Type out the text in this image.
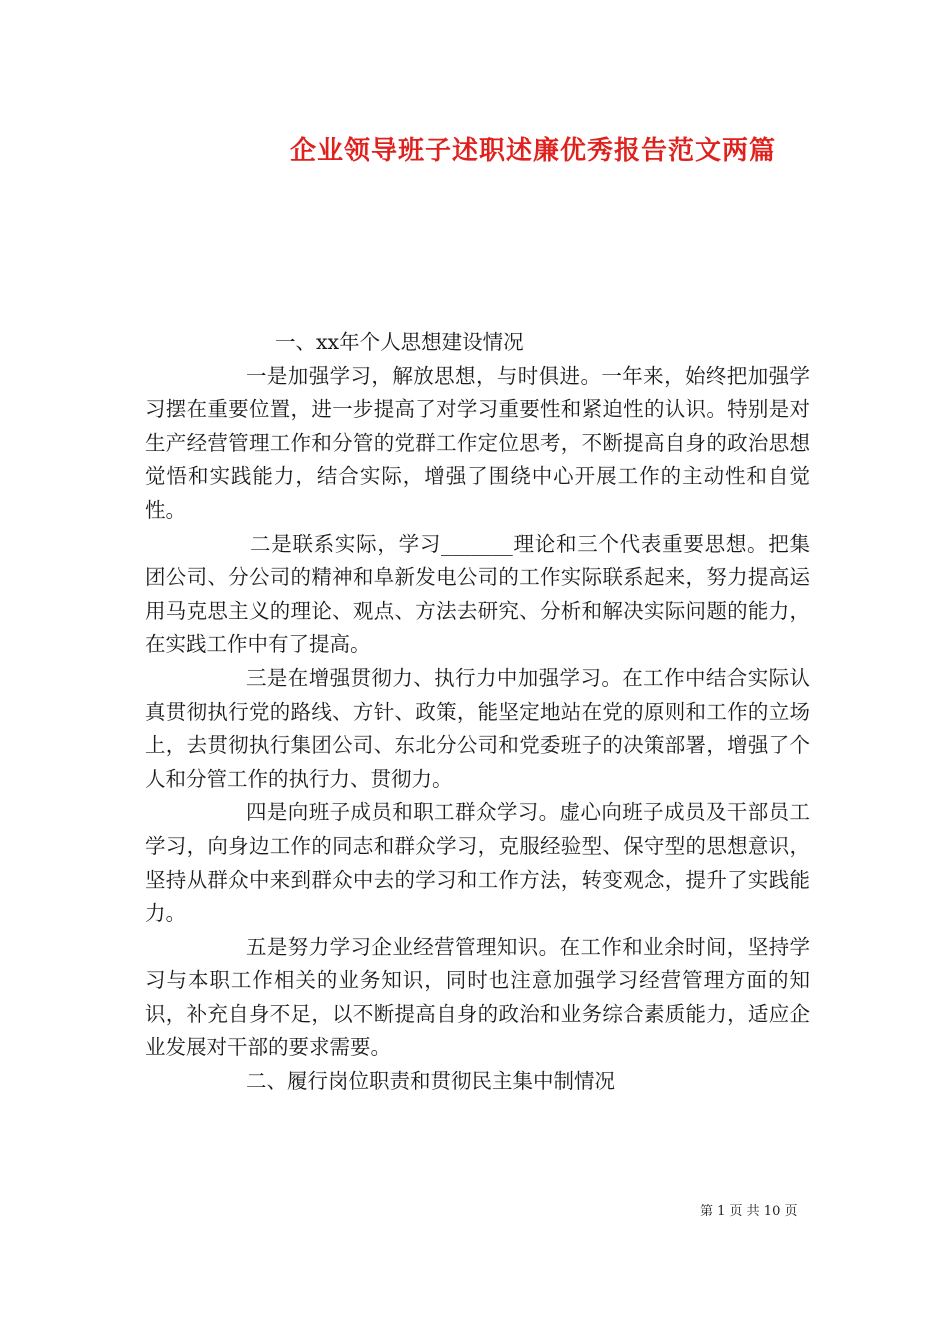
企业领导班子述职述廉优秀报告范文两篇

一、xx年个人思想建设情况

一是加强学习，解放思想，与时俱进。一年来，始终把加强学习摆在重要位置，进一步提高了对学习重要性和紧迫性的认识。特别是对生产经营管理工作和分管的党群工作定位思考，不断提高自身的政治思想觉悟和实践能力，结合实际，增强了围绕中心开展工作的主动性和自觉性。

二是联系实际，学习_______理论和三个代表重要思想。把集团公司、分公司的精神和阜新发电公司的工作实际联系起来，努力提高运用马克思主义的理论、观点、方法去研究、分析和解决实际问题的能力，在实践工作中有了提高。

三是在增强贯彻力、执行力中加强学习。在工作中结合实际认真贯彻执行党的路线、方针、政策，能坚定地站在党的原则和工作的立场上，去贯彻执行集团公司、东北分公司和党委班子的决策部署，增强了个人和分管工作的执行力、贯彻力。

四是向班子成员和职工群众学习。虚心向班子成员及干部员工学习，向身边工作的同志和群众学习，克服经验型、保守型的思想意识，坚持从群众中来到群众中去的学习和工作方法，转变观念，提升了实践能力。

五是努力学习企业经营管理知识。在工作和业余时间，坚持学习与本职工作相关的业务知识，同时也注意加强学习经营管理方面的知识，补充自身不足，以不断提高自身的政治和业务综合素质能力，适应企业发展对干部的要求需要。

二、履行岗位职责和贯彻民主集中制情况

第 1 页 共 10 页
